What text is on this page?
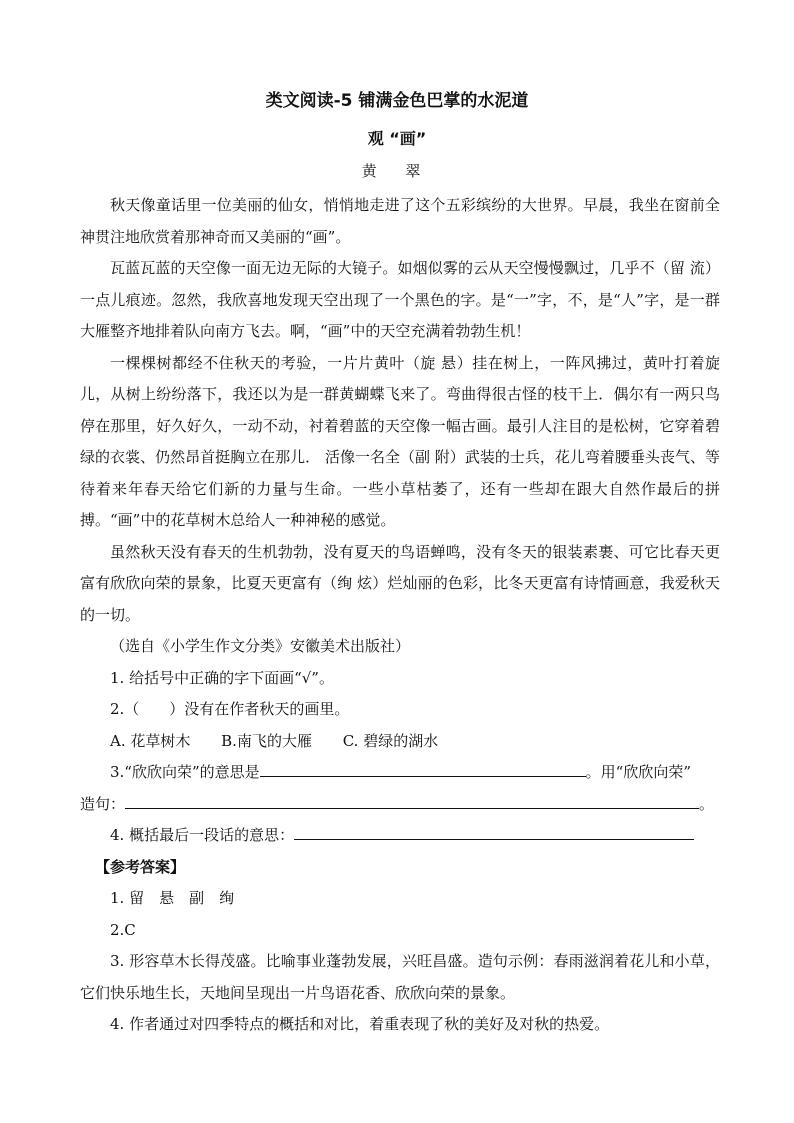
类文阅读-5 铺满金色巴掌的水泥道
观 “画”
黄 翠

秋天像童话里一位美丽的仙女，悄悄地走进了这个五彩缤纷的大世界。早晨，我坐在窗前全神贯注地欣赏着那神奇而又美丽的“画”。

瓦蓝瓦蓝的天空像一面无边无际的大镜子。如烟似雾的云从天空慢慢飘过，几乎不（留 流）一点儿痕迹。忽然，我欣喜地发现天空出现了一个黑色的字。是“一”字，不，是“人”字，是一群大雁整齐地排着队向南方飞去。啊，“画”中的天空充满着勃勃生机！

一棵棵树都经不住秋天的考验，一片片黄叶（旋 悬）挂在树上，一阵风拂过，黄叶打着旋儿，从树上纷纷落下，我还以为是一群黄蝴蝶飞来了。弯曲得很古怪的枝干上．偶尔有一两只鸟停在那里，好久好久，一动不动，衬着碧蓝的天空像一幅古画。最引人注目的是松树，它穿着碧绿的衣裳、仍然昂首挺胸立在那儿． 活像一名全（副 附）武装的士兵，花儿弯着腰垂头丧气、等待着来年春天给它们新的力量与生命。一些小草枯萎了，还有一些却在跟大自然作最后的拼搏。“画”中的花草树木总给人一种神秘的感觉。

虽然秋天没有春天的生机勃勃，没有夏天的鸟语蝉鸣，没有冬天的银装素裹、可它比春天更富有欣欣向荣的景象，比夏天更富有（绚 炫）烂灿丽的色彩，比冬天更富有诗情画意，我爱秋天的一切。

（选自《小学生作文分类》安徽美术出版社）

1. 给括号中正确的字下面画“√”。
2.（　　）没有在作者秋天的画里。
A. 花草树木 B.南飞的大雁 C. 碧绿的湖水
3.“欣欣向荣”的意思是	。用“欣欣向荣”
造句：	。
4. 概括最后一段话的意思：
【参考答案】
1. 留　悬　副　绚
2.C

3. 形容草木长得茂盛。比喻事业蓬勃发展，兴旺昌盛。造句示例：春雨滋润着花儿和小草，它们快乐地生长，天地间呈现出一片鸟语花香、欣欣向荣的景象。

4. 作者通过对四季特点的概括和对比，着重表现了秋的美好及对秋的热爱。
